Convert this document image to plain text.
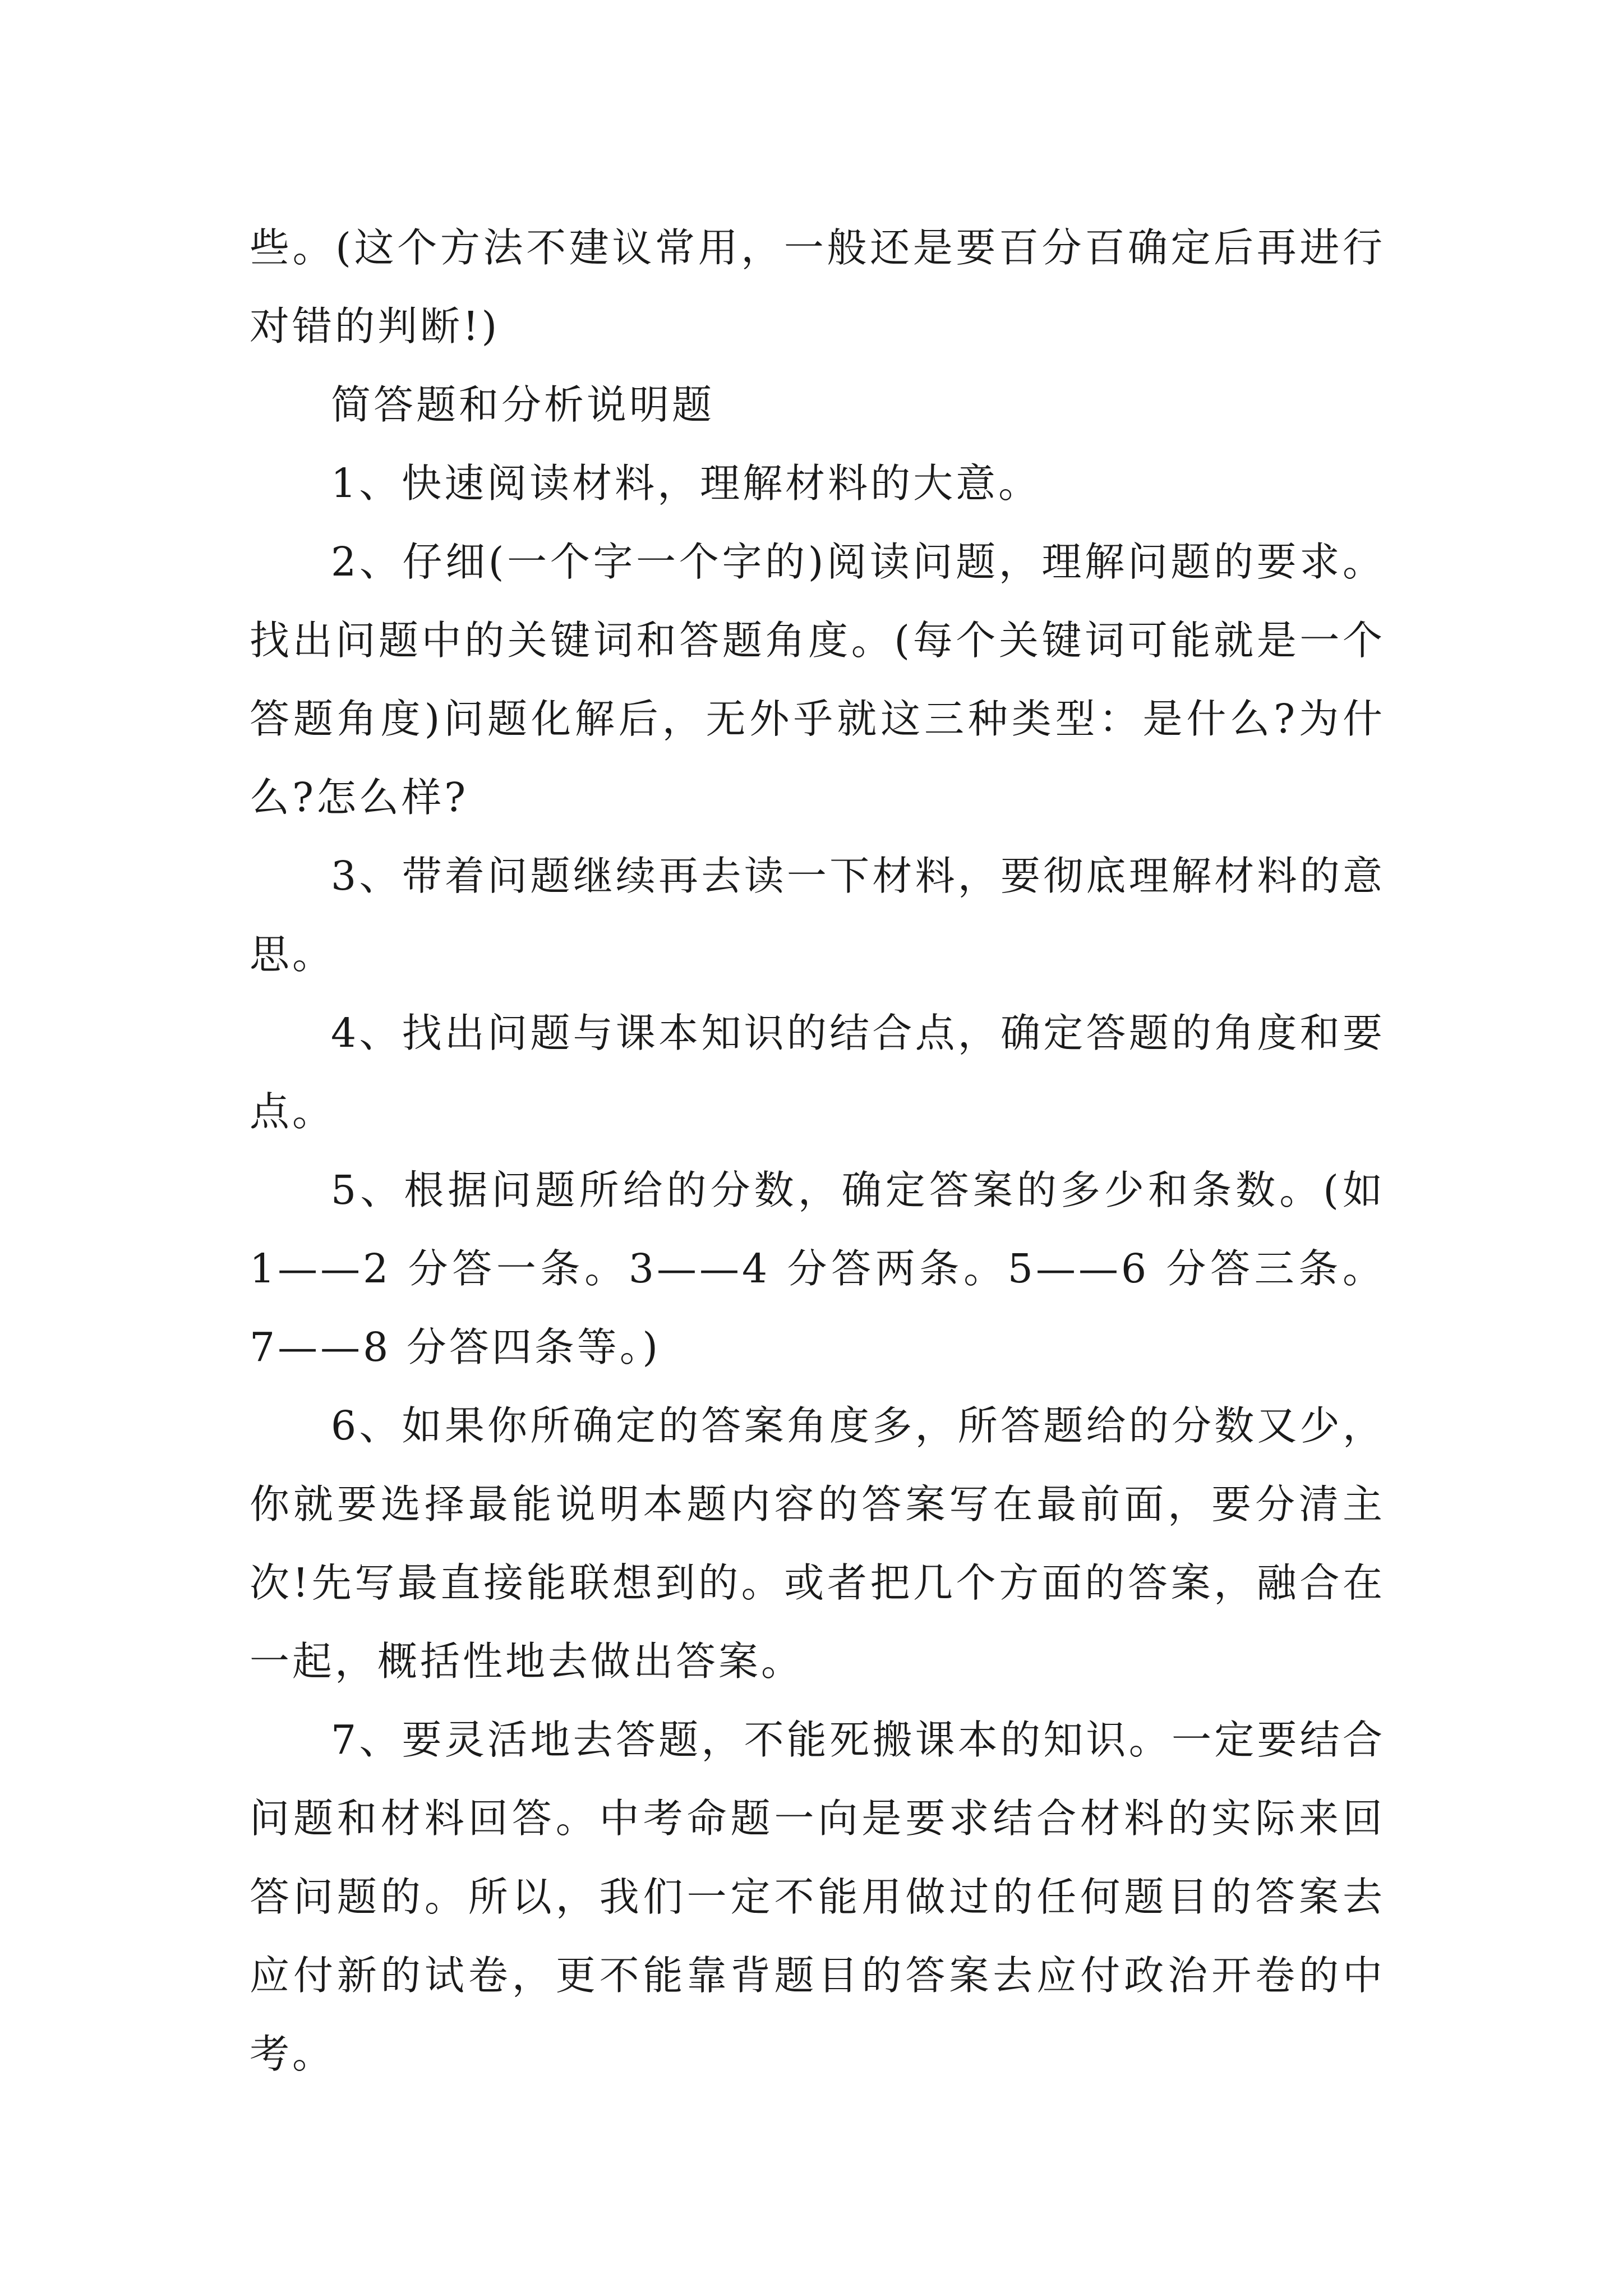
些。(这个方法不建议常用，一般还是要百分百确定后再进行对错的判断!)

简答题和分析说明题

1、快速阅读材料，理解材料的大意。

2、仔细(一个字一个字的)阅读问题，理解问题的要求。找出问题中的关键词和答题角度。(每个关键词可能就是一个答题角度)问题化解后，无外乎就这三种类型：是什么?为什么?怎么样?

3、带着问题继续再去读一下材料，要彻底理解材料的意思。

4、找出问题与课本知识的结合点，确定答题的角度和要点。

5、根据问题所给的分数，确定答案的多少和条数。(如1——2 分答一条。3——4 分答两条。5——6 分答三条。7——8 分答四条等。)

6、如果你所确定的答案角度多，所答题给的分数又少，你就要选择最能说明本题内容的答案写在最前面，要分清主次!先写最直接能联想到的。或者把几个方面的答案，融合在一起，概括性地去做出答案。

7、要灵活地去答题，不能死搬课本的知识。一定要结合问题和材料回答。中考命题一向是要求结合材料的实际来回答问题的。所以，我们一定不能用做过的任何题目的答案去应付新的试卷，更不能靠背题目的答案去应付政治开卷的中考。
